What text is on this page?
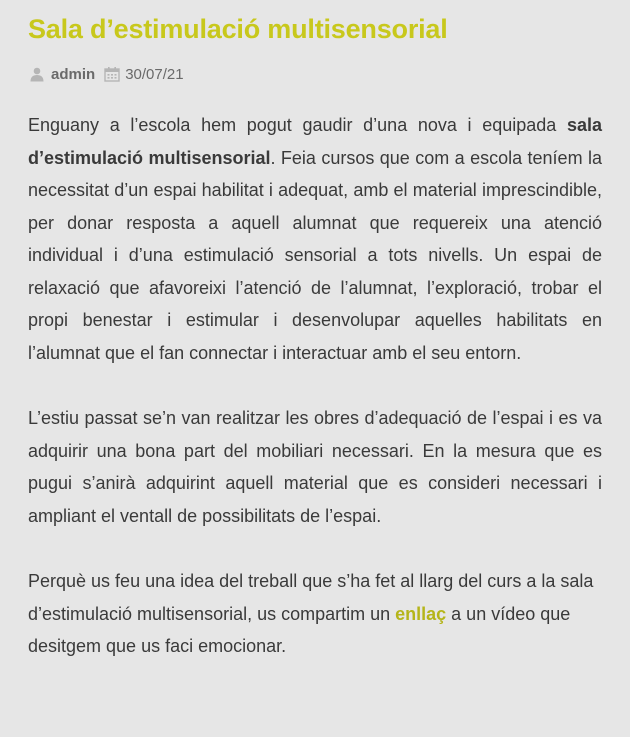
Sala d’estimulació multisensorial
admin 30/07/21

Enguany a l’escola hem pogut gaudir d’una nova i equipada sala d’estimulació multisensorial. Feia cursos que com a escola teníem la necessitat d’un espai habilitat i adequat, amb el material imprescindible, per donar resposta a aquell alumnat que requereix una atenció individual i d’una estimulació sensorial a tots nivells. Un espai de relaxació que afavoreixi l’atenció de l’alumnat, l’exploració, trobar el propi benestar i estimular i desenvolupar aquelles habilitats en l’alumnat que el fan connectar i interactuar amb el seu entorn.

L’estiu passat se’n van realitzar les obres d’adequació de l’espai i es va adquirir una bona part del mobiliari necessari. En la mesura que es pugui s’anirà adquirint aquell material que es consideri necessari i ampliant el ventall de possibilitats de l’espai.

Perquè us feu una idea del treball que s’ha fet al llarg del curs a la sala d’estimulació multisensorial, us compartim un enllaç a un vídeo que desitgem que us faci emocionar.
